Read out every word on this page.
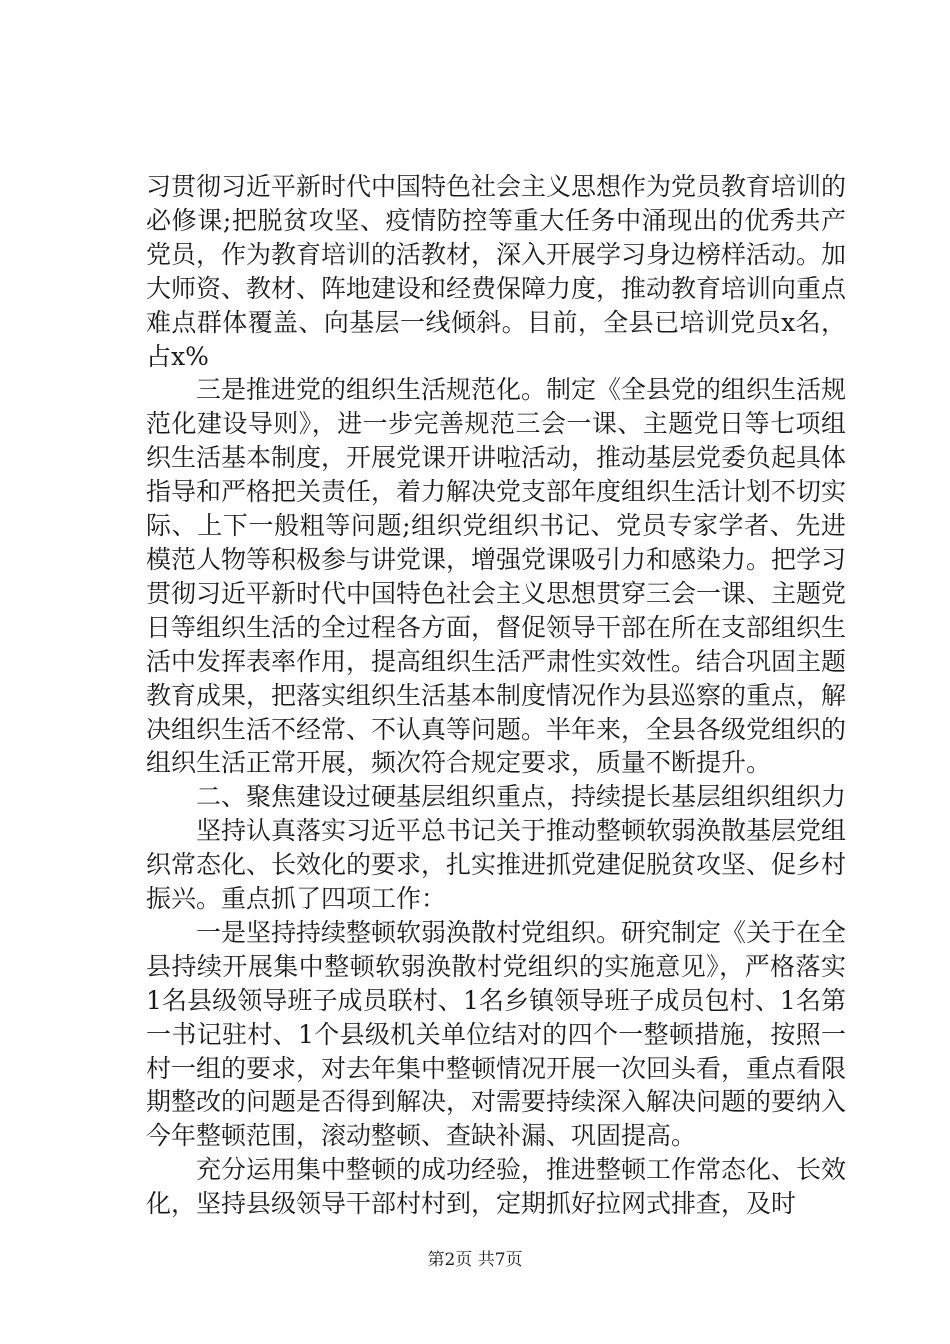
习贯彻习近平新时代中国特色社会主义思想作为党员教育培训的必修课;把脱贫攻坚、疫情防控等重大任务中涌现出的优秀共产党员，作为教育培训的活教材，深入开展学习身边榜样活动。加大师资、教材、阵地建设和经费保障力度，推动教育培训向重点难点群体覆盖、向基层一线倾斜。目前，全县已培训党员x名，占x%

三是推进党的组织生活规范化。制定《全县党的组织生活规范化建设导则》，进一步完善规范三会一课、主题党日等七项组织生活基本制度，开展党课开讲啦活动，推动基层党委负起具体指导和严格把关责任，着力解决党支部年度组织生活计划不切实际、上下一般粗等问题;组织党组织书记、党员专家学者、先进模范人物等积极参与讲党课，增强党课吸引力和感染力。把学习贯彻习近平新时代中国特色社会主义思想贯穿三会一课、主题党日等组织生活的全过程各方面，督促领导干部在所在支部组织生活中发挥表率作用，提高组织生活严肃性实效性。结合巩固主题教育成果，把落实组织生活基本制度情况作为县巡察的重点，解决组织生活不经常、不认真等问题。半年来，全县各级党组织的组织生活正常开展，频次符合规定要求，质量不断提升。

二、聚焦建设过硬基层组织重点，持续提长基层组织组织力

坚持认真落实习近平总书记关于推动整顿软弱涣散基层党组织常态化、长效化的要求，扎实推进抓党建促脱贫攻坚、促乡村振兴。重点抓了四项工作：

一是坚持持续整顿软弱涣散村党组织。研究制定《关于在全县持续开展集中整顿软弱涣散村党组织的实施意见》，严格落实1名县级领导班子成员联村、1名乡镇领导班子成员包村、1名第一书记驻村、1个县级机关单位结对的四个一整顿措施，按照一村一组的要求，对去年集中整顿情况开展一次回头看，重点看限期整改的问题是否得到解决，对需要持续深入解决问题的要纳入今年整顿范围，滚动整顿、查缺补漏、巩固提高。

充分运用集中整顿的成功经验，推进整顿工作常态化、长效化，坚持县级领导干部村村到，定期抓好拉网式排查，及时

第2页 共7页
